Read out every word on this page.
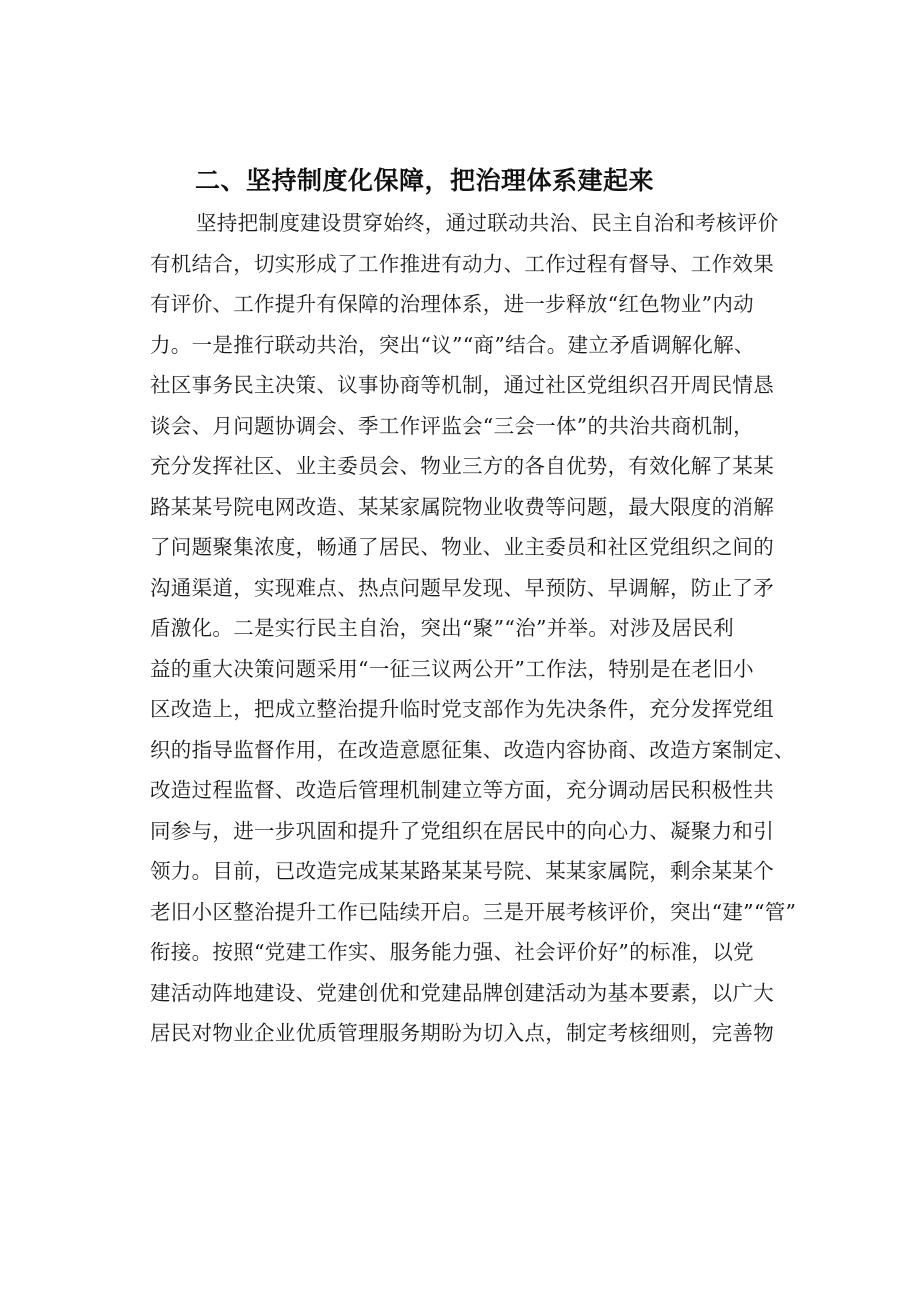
二、坚持制度化保障，把治理体系建起来
坚持把制度建设贯穿始终，通过联动共治、民主自治和考核评价
有机结合，切实形成了工作推进有动力、工作过程有督导、工作效果
有评价、工作提升有保障的治理体系，进一步释放“红色物业”内动
力。一是推行联动共治，突出“议”“商”结合。建立矛盾调解化解、
社区事务民主决策、议事协商等机制，通过社区党组织召开周民情恳
谈会、月问题协调会、季工作评监会“三会一体”的共治共商机制，
充分发挥社区、业主委员会、物业三方的各自优势，有效化解了某某
路某某号院电网改造、某某家属院物业收费等问题，最大限度的消解
了问题聚集浓度，畅通了居民、物业、业主委员和社区党组织之间的
沟通渠道，实现难点、热点问题早发现、早预防、早调解，防止了矛
盾激化。二是实行民主自治，突出“聚”“治”并举。对涉及居民利
益的重大决策问题采用“一征三议两公开”工作法，特别是在老旧小
区改造上，把成立整治提升临时党支部作为先决条件，充分发挥党组
织的指导监督作用，在改造意愿征集、改造内容协商、改造方案制定、
改造过程监督、改造后管理机制建立等方面，充分调动居民积极性共
同参与，进一步巩固和提升了党组织在居民中的向心力、凝聚力和引
领力。目前，已改造完成某某路某某号院、某某家属院，剩余某某个
老旧小区整治提升工作已陆续开启。三是开展考核评价，突出“建”“管”
衔接。按照“党建工作实、服务能力强、社会评价好”的标准，以党
建活动阵地建设、党建创优和党建品牌创建活动为基本要素，以广大
居民对物业企业优质管理服务期盼为切入点，制定考核细则，完善物
